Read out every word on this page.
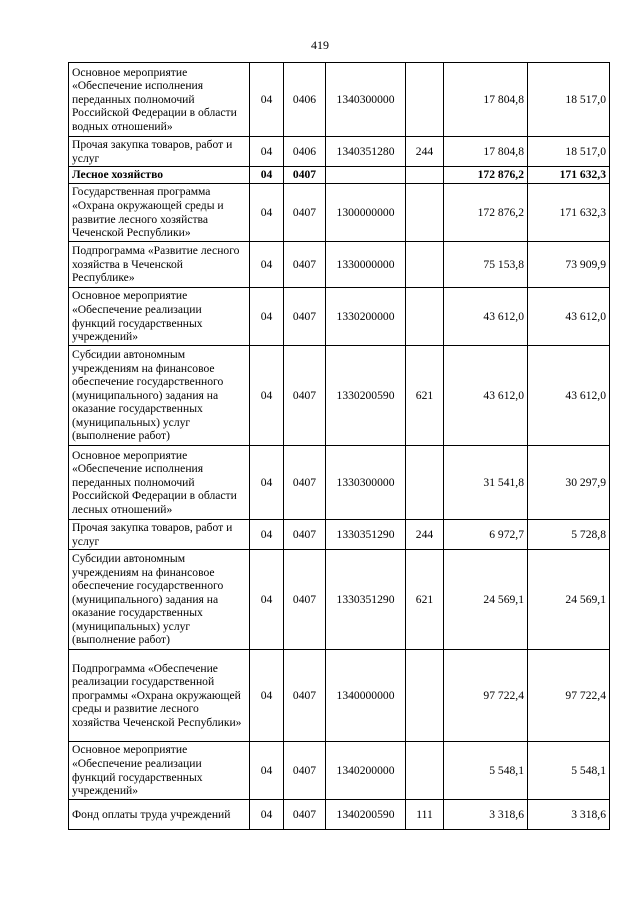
419
Основное мероприятие «Обеспечение исполнения переданных полномочий Российской Федерации в области водных отношений»	04	0406	1340300000		17 804,8	18 517,0
Прочая закупка товаров, работ и услуг	04	0406	1340351280	244	17 804,8	18 517,0
Лесное хозяйство	04	0407			172 876,2	171 632,3
Государственная программа «Охрана окружающей среды и развитие лесного хозяйства Чеченской Республики»	04	0407	1300000000		172 876,2	171 632,3
Подпрограмма «Развитие лесного хозяйства в Чеченской Республике»	04	0407	1330000000		75 153,8	73 909,9
Основное мероприятие «Обеспечение реализации функций государственных учреждений»	04	0407	1330200000		43 612,0	43 612,0
Субсидии автономным учреждениям на финансовое обеспечение государственного (муниципального) задания на оказание государственных (муниципальных) услуг (выполнение работ)	04	0407	1330200590	621	43 612,0	43 612,0
Основное мероприятие «Обеспечение исполнения переданных полномочий Российской Федерации в области лесных отношений»	04	0407	1330300000		31 541,8	30 297,9
Прочая закупка товаров, работ и услуг	04	0407	1330351290	244	6 972,7	5 728,8
Субсидии автономным учреждениям на финансовое обеспечение государственного (муниципального) задания на оказание государственных (муниципальных) услуг (выполнение работ)	04	0407	1330351290	621	24 569,1	24 569,1
Подпрограмма «Обеспечение реализации государственной программы «Охрана окружающей среды и развитие лесного хозяйства Чеченской Республики»	04	0407	1340000000		97 722,4	97 722,4
Основное мероприятие «Обеспечение реализации функций государственных учреждений»	04	0407	1340200000		5 548,1	5 548,1
Фонд оплаты труда учреждений	04	0407	1340200590	111	3 318,6	3 318,6
